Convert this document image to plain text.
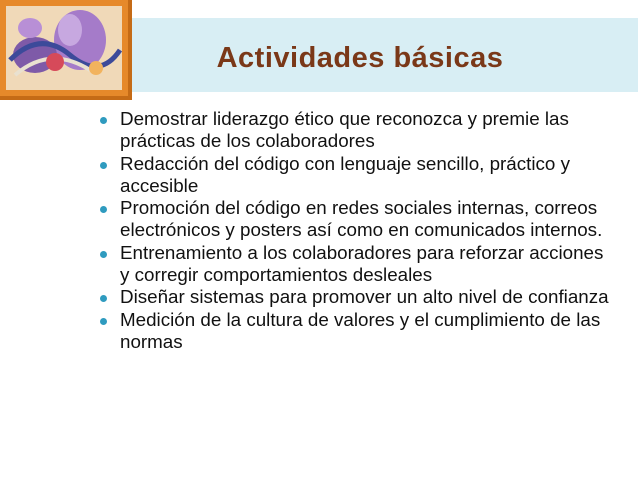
Actividades básicas
Demostrar liderazgo ético que reconozca y premie las prácticas de los colaboradores
Redacción del código con lenguaje sencillo, práctico y accesible
Promoción del código en redes sociales internas, correos electrónicos y posters así como en comunicados internos.
Entrenamiento a los colaboradores para reforzar acciones y corregir comportamientos desleales
Diseñar sistemas para promover un alto nivel de confianza
Medición de la cultura de valores y el cumplimiento de las normas
